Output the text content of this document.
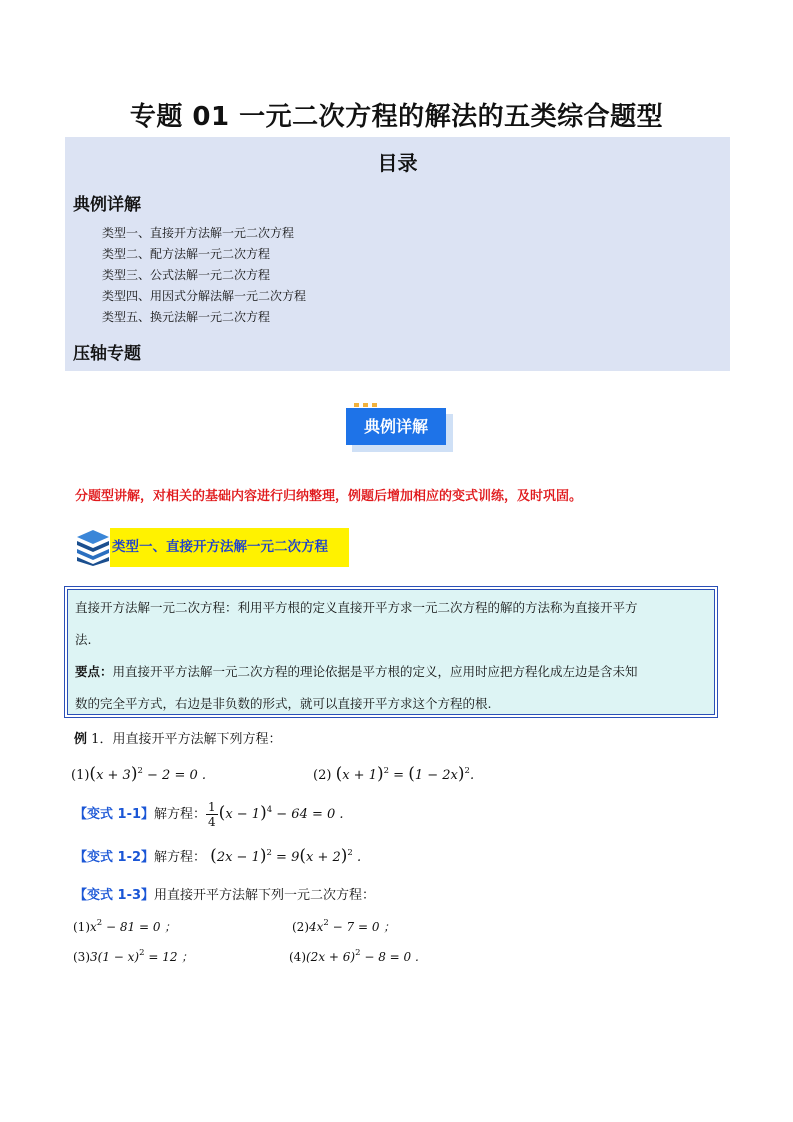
专题 01 一元二次方程的解法的五类综合题型
目录
典例详解
类型一、直接开方法解一元二次方程
类型二、配方法解一元二次方程
类型三、公式法解一元二次方程
类型四、用因式分解法解一元二次方程
类型五、换元法解一元二次方程
压轴专题
典例详解
分题型讲解，对相关的基础内容进行归纳整理，例题后增加相应的变式训练，及时巩固。
类型一、直接开方法解一元二次方程
直接开方法解一元二次方程：利用平方根的定义直接开平方求一元二次方程的解的方法称为直接开平方
法.
要点：用直接开平方法解一元二次方程的理论依据是平方根的定义，应用时应把方程化成左边是含未知
数的完全平方式，右边是非负数的形式，就可以直接开平方求这个方程的根.
例 1．用直接开平方法解下列方程：
$(1)(x + 3)^2 - 2 = 0$ .	(2) $(x + 1)^2 = (1 - 2x)^2$.
【变式 1-1】解方程： $\frac{1}{4} (x - 1)^4 - 64 = 0$ .
【变式 1-2】解方程： $(2x - 1)^2 = 9(x + 2)^2$ .
【变式 1-3】用直接开平方法解下列一元二次方程：
$(1)x^2 - 81 = 0$ ；	$(2)4x^2 - 7 = 0$ ；
$(3)3(1 - x)^2 = 12$ ；	$(4)(2x + 6)^2 - 8 = 0$ .
